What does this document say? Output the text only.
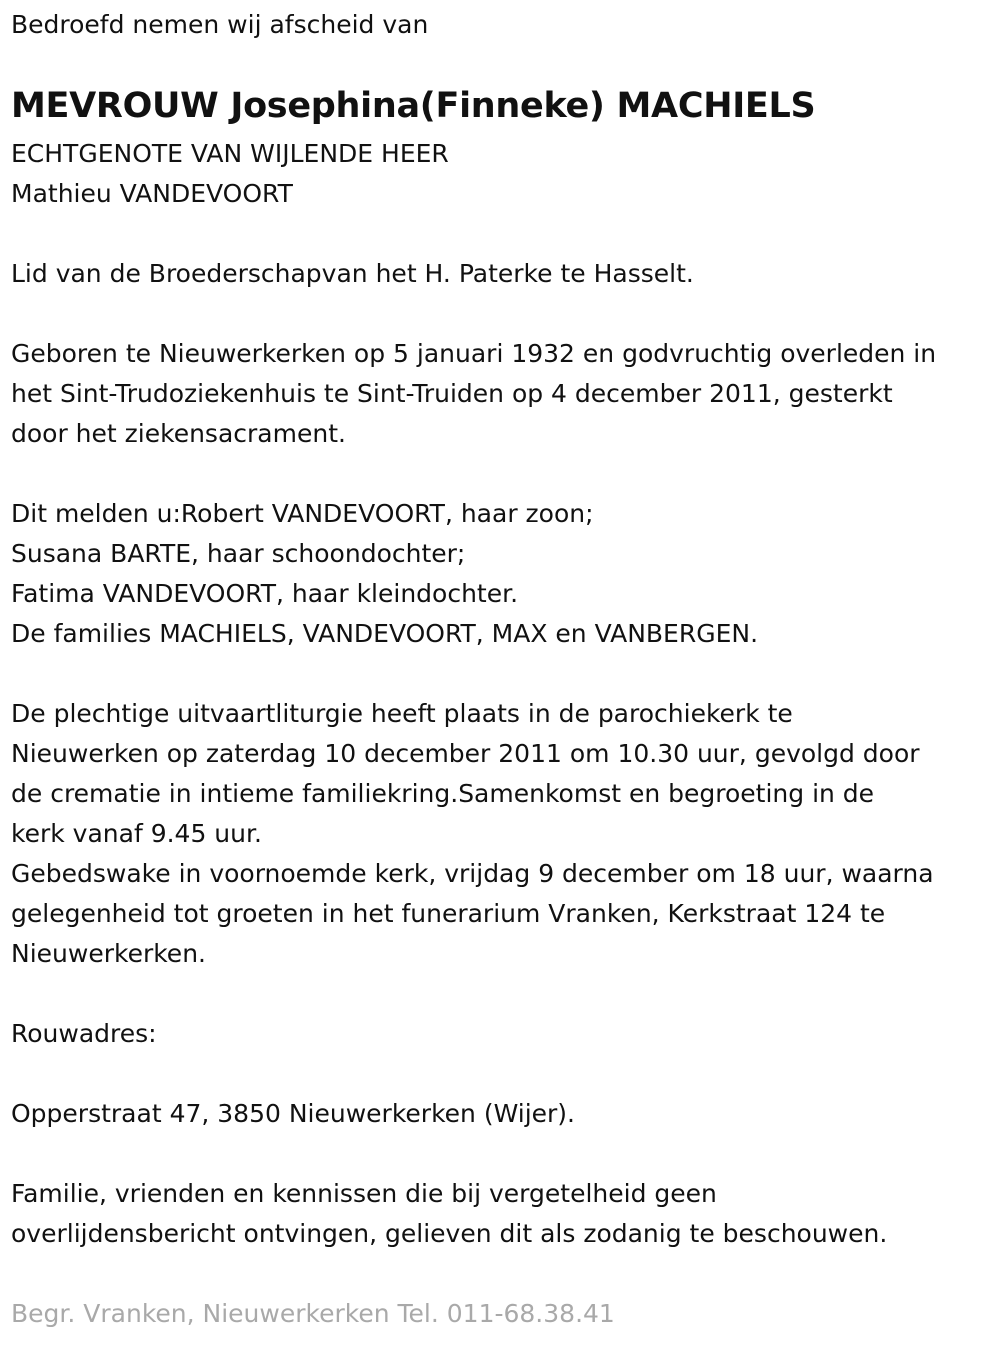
Bedroefd nemen wij afscheid van
MEVROUW Josephina(Finneke) MACHIELS
ECHTGENOTE VAN WIJLENDE HEER
Mathieu VANDEVOORT
Lid van de Broederschapvan het H. Paterke te Hasselt.
Geboren te Nieuwerkerken op 5 januari 1932 en godvruchtig overleden in
het Sint-Trudoziekenhuis te Sint-Truiden op 4 december 2011, gesterkt
door het ziekensacrament.
Dit melden u:Robert VANDEVOORT, haar zoon;
Susana BARTE, haar schoondochter;
Fatima VANDEVOORT, haar kleindochter.
De families MACHIELS, VANDEVOORT, MAX en VANBERGEN.
De plechtige uitvaartliturgie heeft plaats in de parochiekerk te
Nieuwerken op zaterdag 10 december 2011 om 10.30 uur, gevolgd door
de crematie in intieme familiekring.Samenkomst en begroeting in de
kerk vanaf 9.45 uur.
Gebedswake in voornoemde kerk, vrijdag 9 december om 18 uur, waarna
gelegenheid tot groeten in het funerarium Vranken, Kerkstraat 124 te
Nieuwerkerken.
Rouwadres:
Opperstraat 47, 3850 Nieuwerkerken (Wijer).
Familie, vrienden en kennissen die bij vergetelheid geen
overlijdensbericht ontvingen, gelieven dit als zodanig te beschouwen.
Begr. Vranken, Nieuwerkerken Tel. 011-68.38.41
